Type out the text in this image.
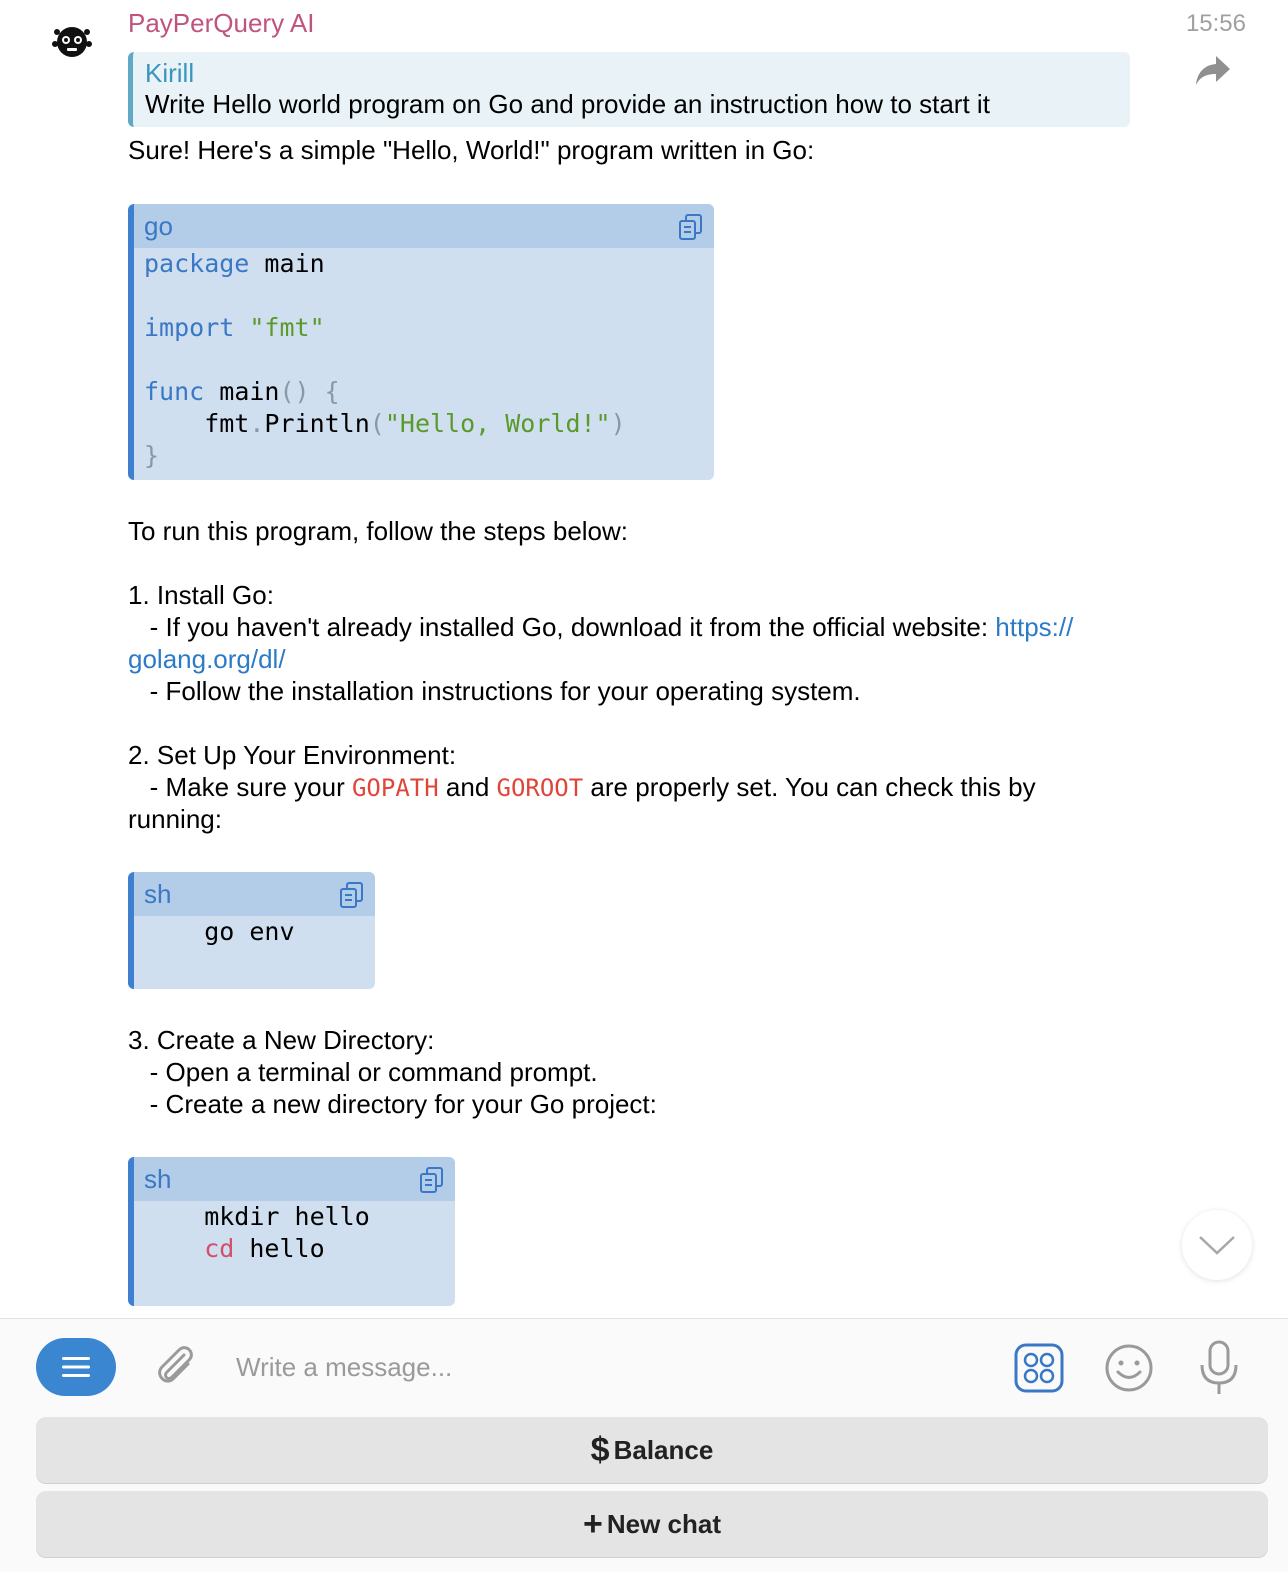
PayPerQuery AI	15:56
Kirill
Write Hello world program on Go and provide an instruction how to start it
Sure! Here's a simple "Hello, World!" program written in Go:
go
package main

import "fmt"

func main() {
fmt.Println("Hello, World!")
}
To run this program, follow the steps below:
1. Install Go:
- If you haven't already installed Go, download it from the official website: https://
golang.org/dl/
- Follow the installation instructions for your operating system.
2. Set Up Your Environment:
- Make sure your GOPATH and GOROOT are properly set. You can check this by
running:
sh
go env
3. Create a New Directory:
- Open a terminal or command prompt.
- Create a new directory for your Go project:
sh
mkdir hello
cd hello
Write a message...
$ Balance
+ New chat
